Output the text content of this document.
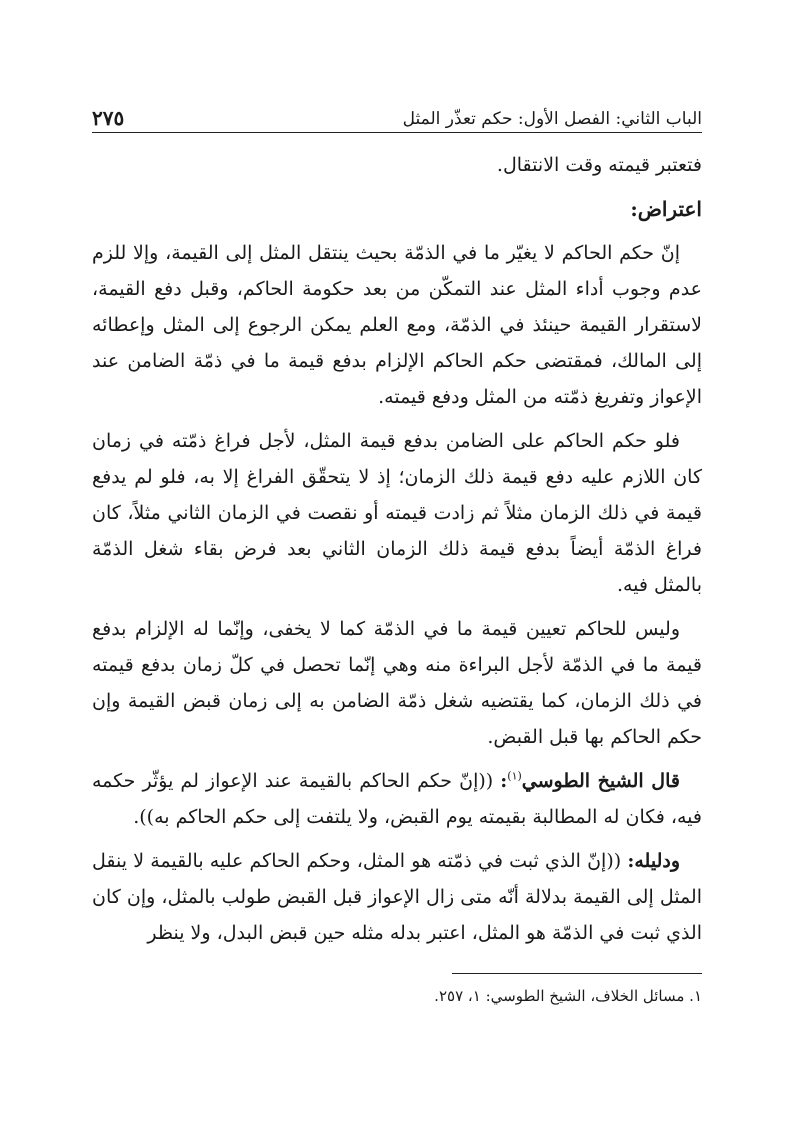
الباب الثاني: الفصل الأول: حكم تعذّر المثل
٢٧٥

فتعتبر قيمته وقت الانتقال.

اعتراض:

إنّ حكم الحاكم لا يغيّر ما في الذمّة بحيث ينتقل المثل إلى القيمة، وإلا للزم عدم وجوب أداء المثل عند التمكّن من بعد حكومة الحاكم، وقبل دفع القيمة، لاستقرار القيمة حينئذ في الذمّة، ومع العلم يمكن الرجوع إلى المثل وإعطائه إلى المالك، فمقتضى حكم الحاكم الإلزام بدفع قيمة ما في ذمّة الضامن عند الإعواز وتفريغ ذمّته من المثل ودفع قيمته.

فلو حكم الحاكم على الضامن بدفع قيمة المثل، لأجل فراغ ذمّته في زمان كان اللازم عليه دفع قيمة ذلك الزمان؛ إذ لا يتحقّق الفراغ إلا به، فلو لم يدفع قيمة في ذلك الزمان مثلاً ثم زادت قيمته أو نقصت في الزمان الثاني مثلاً، كان فراغ الذمّة أيضاً بدفع قيمة ذلك الزمان الثاني بعد فرض بقاء شغل الذمّة بالمثل فيه.

وليس للحاكم تعيين قيمة ما في الذمّة كما لا يخفى، وإنّما له الإلزام بدفع قيمة ما في الذمّة لأجل البراءة منه وهي إنّما تحصل في كلّ زمان بدفع قيمته في ذلك الزمان، كما يقتضيه شغل ذمّة الضامن به إلى زمان قبض القيمة وإن حكم الحاكم بها قبل القبض.

قال الشيخ الطوسي$^{(١)}$: ((إنّ حكم الحاكم بالقيمة عند الإعواز لم يؤثّر حكمه فيه، فكان له المطالبة بقيمته يوم القبض، ولا يلتفت إلى حكم الحاكم به)).

ودليله: ((إنّ الذي ثبت في ذمّته هو المثل، وحكم الحاكم عليه بالقيمة لا ينقل المثل إلى القيمة بدلالة أنّه متى زال الإعواز قبل القبض طولب بالمثل، وإن كان الذي ثبت في الذمّة هو المثل، اعتبر بدله مثله حين قبض البدل، ولا ينظر

١. مسائل الخلاف، الشيخ الطوسي: ١، ٢٥٧.
